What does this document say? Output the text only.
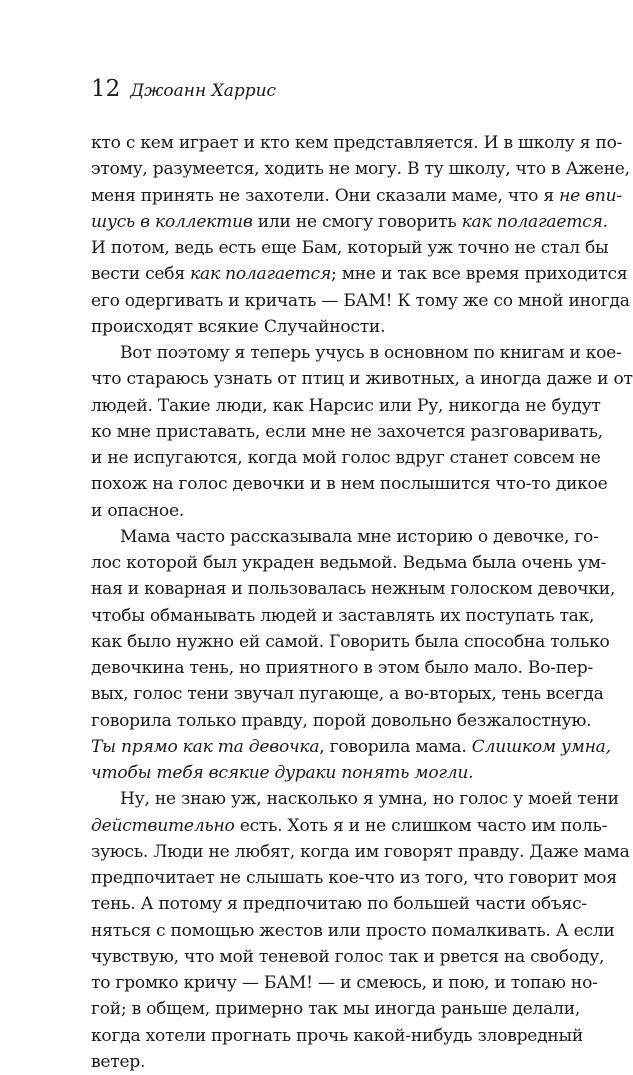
12 Джоанн Харрис
кто с кем играет и кто кем представляется. И в школу я по-
этому, разумеется, ходить не могу. В ту школу, что в Ажене,
меня принять не захотели. Они сказали маме, что я не впи-
шусь в коллектив или не смогу говорить как полагается.
И потом, ведь есть еще Бам, который уж точно не стал бы
вести себя как полагается; мне и так все время приходится
его одергивать и кричать — БАМ! К тому же со мной иногда
происходят всякие Случайности.
Вот поэтому я теперь учусь в основном по книгам и кое-
что стараюсь узнать от птиц и животных, а иногда даже и от
людей. Такие люди, как Нарсис или Ру, никогда не будут
ко мне приставать, если мне не захочется разговаривать,
и не испугаются, когда мой голос вдруг станет совсем не
похож на голос девочки и в нем послышится что-то дикое
и опасное.
Мама часто рассказывала мне историю о девочке, го-
лос которой был украден ведьмой. Ведьма была очень ум-
ная и коварная и пользовалась нежным голоском девочки,
чтобы обманывать людей и заставлять их поступать так,
как было нужно ей самой. Говорить была способна только
девочкина тень, но приятного в этом было мало. Во-пер-
вых, голос тени звучал пугающе, а во-вторых, тень всегда
говорила только правду, порой довольно безжалостную.
Ты прямо как та девочка, говорила мама. Слишком умна,
чтобы тебя всякие дураки понять могли.
Ну, не знаю уж, насколько я умна, но голос у моей тени
действительно есть. Хоть я и не слишком часто им поль-
зуюсь. Люди не любят, когда им говорят правду. Даже мама
предпочитает не слышать кое-что из того, что говорит моя
тень. А потому я предпочитаю по большей части объяс-
няться с помощью жестов или просто помалкивать. А если
чувствую, что мой теневой голос так и рвется на свободу,
то громко кричу — БАМ! — и смеюсь, и пою, и топаю но-
гой; в общем, примерно так мы иногда раньше делали,
когда хотели прогнать прочь какой-нибудь зловредный
ветер.
